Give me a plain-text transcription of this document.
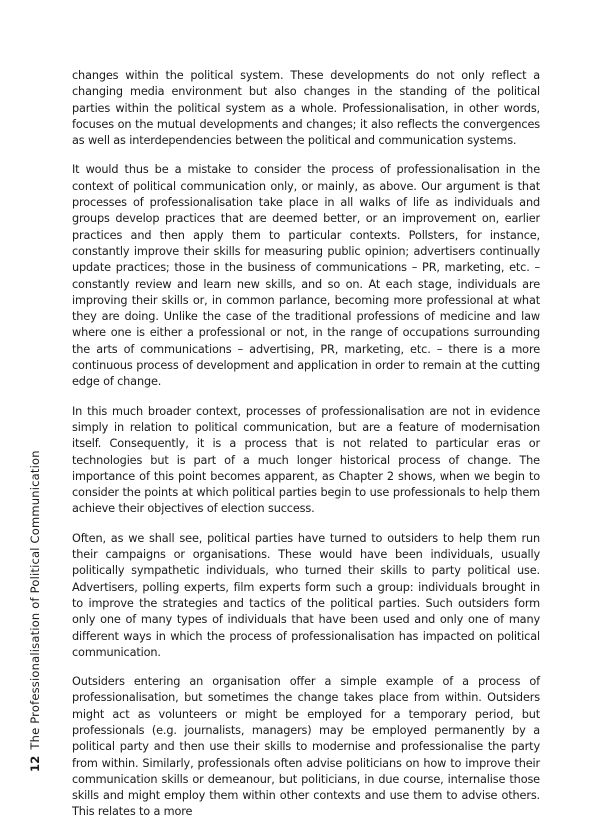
changes within the political system. These developments do not only reflect a changing media environment but also changes in the standing of the political parties within the political system as a whole. Professionalisation, in other words, focuses on the mutual developments and changes; it also reflects the convergences as well as interdependencies between the political and communication systems.

It would thus be a mistake to consider the process of professionalisation in the context of political communication only, or mainly, as above. Our argument is that processes of professionalisation take place in all walks of life as individuals and groups develop practices that are deemed better, or an improvement on, earlier practices and then apply them to particular contexts. Pollsters, for instance, constantly improve their skills for measuring public opinion; advertisers continually update practices; those in the business of communications – PR, marketing, etc. – constantly review and learn new skills, and so on. At each stage, individuals are improving their skills or, in common parlance, becoming more professional at what they are doing. Unlike the case of the traditional professions of medicine and law where one is either a professional or not, in the range of occupations surrounding the arts of communications – advertising, PR, marketing, etc. – there is a more continuous process of development and application in order to remain at the cutting edge of change.

In this much broader context, processes of professionalisation are not in evidence simply in relation to political communication, but are a feature of modernisation itself. Consequently, it is a process that is not related to particular eras or technologies but is part of a much longer historical process of change. The importance of this point becomes apparent, as Chapter 2 shows, when we begin to consider the points at which political parties begin to use professionals to help them achieve their objectives of election success.

Often, as we shall see, political parties have turned to outsiders to help them run their campaigns or organisations. These would have been individuals, usually politically sympathetic individuals, who turned their skills to party political use. Advertisers, polling experts, film experts form such a group: individuals brought in to improve the strategies and tactics of the political parties. Such outsiders form only one of many types of individuals that have been used and only one of many different ways in which the process of professionalisation has impacted on political communication.

Outsiders entering an organisation offer a simple example of a process of professionalisation, but sometimes the change takes place from within. Outsiders might act as volunteers or might be employed for a temporary period, but professionals (e.g. journalists, managers) may be employed permanently by a political party and then use their skills to modernise and professionalise the party from within. Similarly, professionals often advise politicians on how to improve their communication skills or demeanour, but politicians, in due course, internalise those skills and might employ them within other contexts and use them to advise others. This relates to a more

12The Professionalisation of Political Communication
